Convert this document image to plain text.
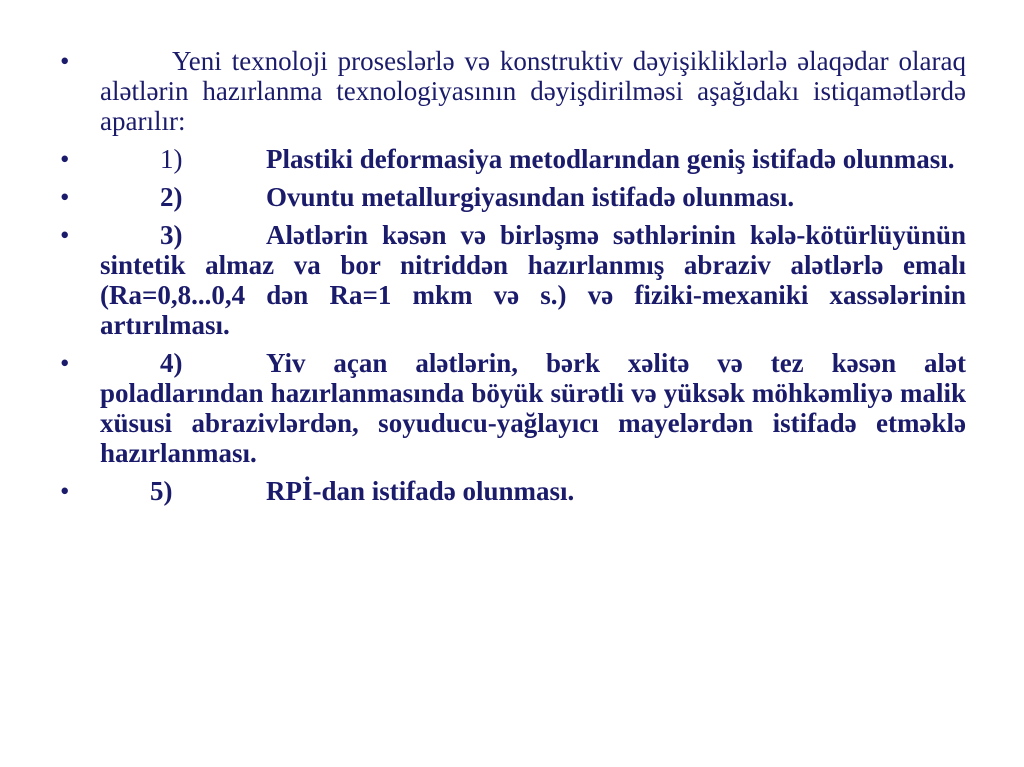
•	Yeni texnoloji proseslərlə və konstruktiv dəyişikliklərlə əlaqədar olaraq alətlərin hazırlanma texnologiyasının dəyişdirilməsi aşağıdakı istiqamətlərdə aparılır:
•	1)	Plastiki deformasiya metodlarından geniş istifadə olunması.
•	2)	Ovuntu metallurgiyasından istifadə olunması.
•	3)	Alətlərin kəsən və birləşmə səthlərinin kələ-kötürlüyünün sintetik almaz va bor nitriddən hazırlanmış abraziv alətlərlə emalı (Ra=0,8...0,4 dən Ra=1 mkm və s.) və fiziki-mexaniki xassələrinin artırılması.
•	4)	Yiv açan alətlərin, bərk xəlitə və tez kəsən alət poladlarından hazırlanmasında böyük sürətli və yüksək möhkəmliyə malik xüsusi abrazivlərdən, soyuducu-yağlayıcı mayelərdən istifadə etməklə hazırlanması.
•	5)	RPİ-dan istifadə olunması.
